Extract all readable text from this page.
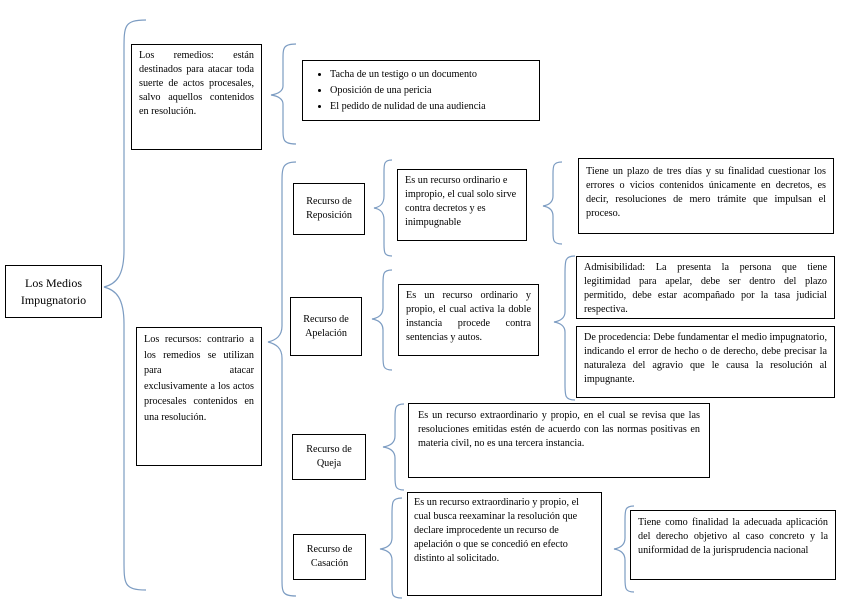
Los Medios Impugnatorio
Los remedios: están destinados para atacar toda suerte de actos procesales, salvo aquellos contenidos en resolución.
• Tacha de un testigo o un documento
• Oposición de una pericia
• El pedido de nulidad de una audiencia
Los recursos: contrario a los remedios se utilizan para atacar exclusivamente a los actos procesales contenidos en una resolución.
Recurso de Reposición
Es un recurso ordinario e impropio, el cual solo sirve contra decretos y es inimpugnable
Tiene un plazo de tres días y su finalidad cuestionar los errores o vicios contenidos únicamente en decretos, es decir, resoluciones de mero trámite que impulsan el proceso.
Recurso de Apelación
Es un recurso ordinario y propio, el cual activa la doble instancia procede contra sentencias y autos.
Admisibilidad: La presenta la persona que tiene legitimidad para apelar, debe ser dentro del plazo permitido, debe estar acompañado por la tasa judicial respectiva.
De procedencia: Debe fundamentar el medio impugnatorio, indicando el error de hecho o de derecho, debe precisar la naturaleza del agravio que le causa la resolución al impugnante.
Recurso de Queja
Es un recurso extraordinario y propio, en el cual se revisa que las resoluciones emitidas estén de acuerdo con las normas positivas en materia civil, no es una tercera instancia.
Recurso de Casación
Es un recurso extraordinario y propio, el cual busca reexaminar la resolución que declare improcedente un recurso de apelación o que se concedió en efecto distinto al solicitado.
Tiene como finalidad la adecuada aplicación del derecho objetivo al caso concreto y la uniformidad de la jurisprudencia nacional
